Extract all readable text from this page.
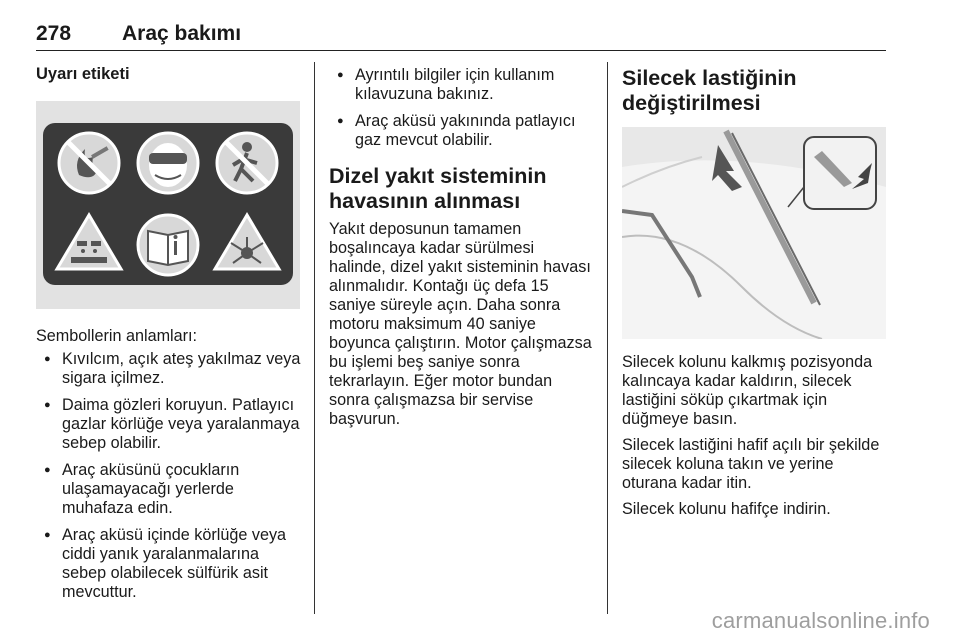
278 Araç bakımı

Uyarı etiketi

Sembollerin anlamları:

● Kıvılcım, açık ateş yakılmaz veya sigara içilmez.
● Daima gözleri koruyun. Patlayıcı gazlar körlüğe veya yaralanmaya sebep olabilir.
● Araç aküsünü çocukların ulaşamayacağı yerlerde muhafaza edin.
● Araç aküsü içinde körlüğe veya ciddi yanık yaralanmalarına sebep olabilecek sülfürik asit mevcuttur.
● Ayrıntılı bilgiler için kullanım kılavuzuna bakınız.
● Araç aküsü yakınında patlayıcı gaz mevcut olabilir.
Dizel yakıt sisteminin havasının alınması

Yakıt deposunun tamamen boşalıncaya kadar sürülmesi halinde, dizel yakıt sisteminin havası alınmalıdır. Kontağı üç defa 15 saniye süreyle açın. Daha sonra motoru maksimum 40 saniye boyunca çalıştırın. Motor çalışmazsa bu işlemi beş saniye sonra tekrarlayın. Eğer motor bundan sonra çalışmazsa bir servise başvurun.

Silecek lastiğinin değiştirilmesi

Silecek kolunu kalkmış pozisyonda kalıncaya kadar kaldırın, silecek lastiğini söküp çıkartmak için düğmeye basın.

Silecek lastiğini hafif açılı bir şekilde silecek koluna takın ve yerine oturana kadar itin.

Silecek kolunu hafifçe indirin.

carmanualsonline.info
